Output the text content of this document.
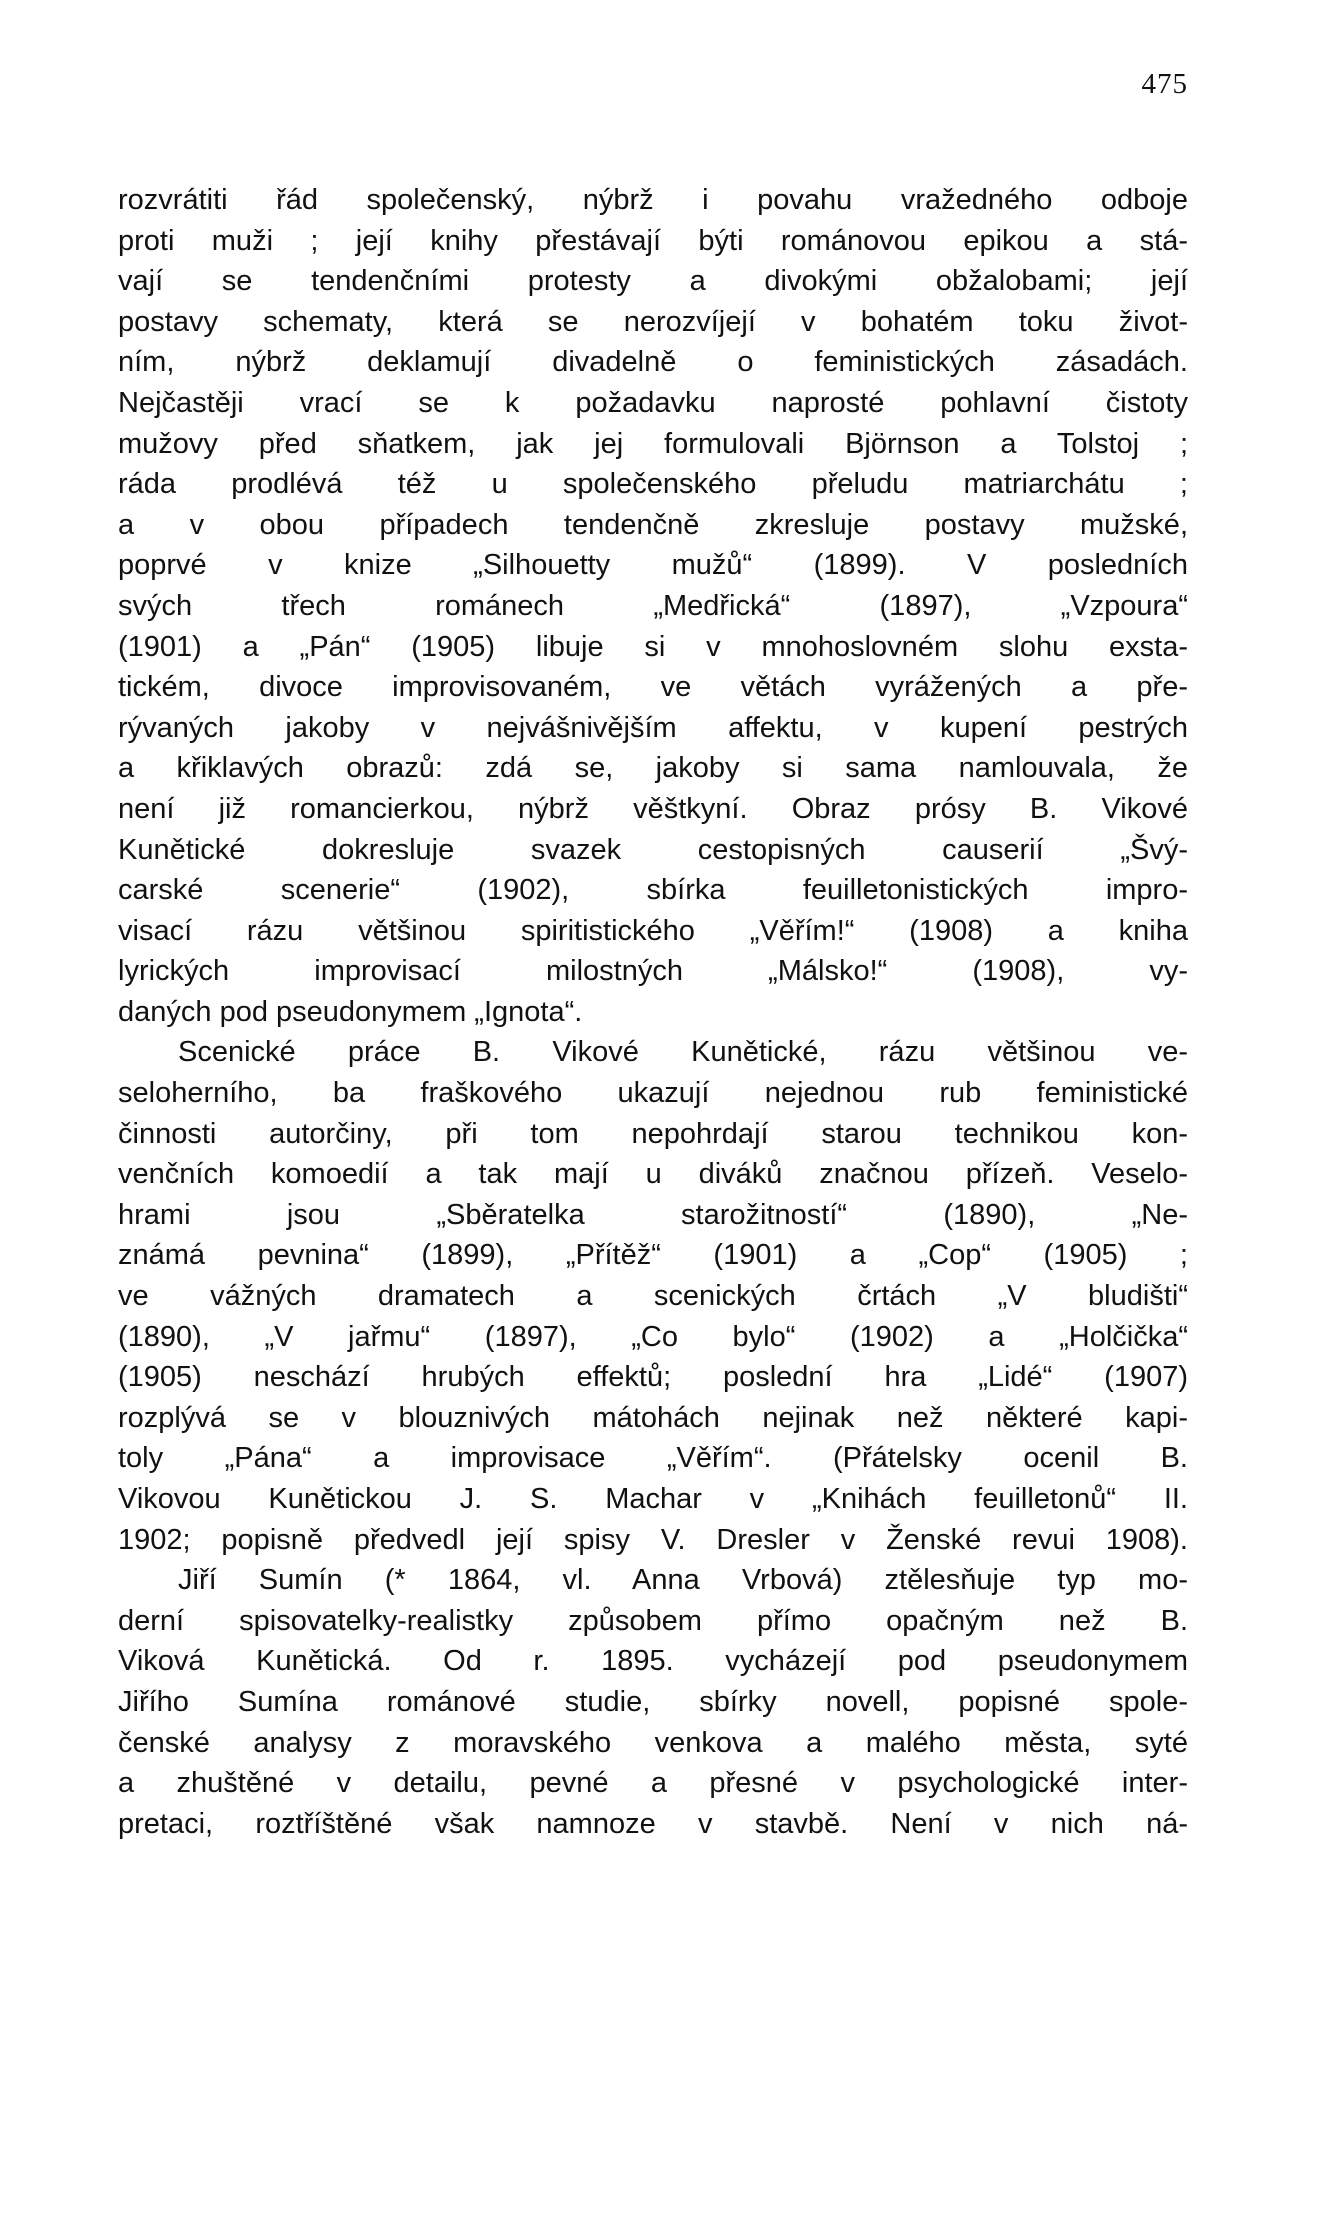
475
rozvrátiti řád společenský, nýbrž i povahu vražedného odboje
proti muži ; její knihy přestávají býti románovou epikou a stá-
vají se tendenčními protesty a divokými obžalobami; její
postavy schematy, která se nerozvíjejí v bohatém toku život-
ním, nýbrž deklamují divadelně o feministických zásadách.
Nejčastěji vrací se k požadavku naprosté pohlavní čistoty
mužovy před sňatkem, jak jej formulovali Björnson a Tolstoj ;
ráda prodlévá též u společenského přeludu matriarchátu ;
a v obou případech tendenčně zkresluje postavy mužské,
poprvé v knize „Silhouetty mužů“ (1899). V posledních
svých třech románech „Medřická“ (1897), „Vzpoura“
(1901) a „Pán“ (1905) libuje si v mnohoslovném slohu exsta-
tickém, divoce improvisovaném, ve větách vyrážených a pře-
rývaných jakoby v nejvášnivějším affektu, v kupení pestrých
a křiklavých obrazů: zdá se, jakoby si sama namlouvala, že
není již romancierkou, nýbrž věštkyní. Obraz prósy B. Vikové
Kunětické dokresluje svazek cestopisných causerií „Švý-
carské scenerie“ (1902), sbírka feuilletonistických impro-
visací rázu většinou spiritistického „Věřím!“ (1908) a kniha
lyrických improvisací milostných „Málsko!“ (1908), vy-
daných pod pseudonymem „Ignota“.
Scenické práce B. Vikové Kunětické, rázu většinou ve-
seloherního, ba fraškového ukazují nejednou rub feministické
činnosti autorčiny, při tom nepohrdají starou technikou kon-
venčních komoedií a tak mají u diváků značnou přízeň. Veselo-
hrami jsou „Sběratelka starožitností“ (1890), „Ne-
známá pevnina“ (1899), „Přítěž“ (1901) a „Cop“ (1905) ;
ve vážných dramatech a scenických črtách „V bludišti“
(1890), „V jařmu“ (1897), „Co bylo“ (1902) a „Holčička“
(1905) neschází hrubých effektů; poslední hra „Lidé“ (1907)
rozplývá se v blouznivých mátohách nejinak než některé kapi-
toly „Pána“ a improvisace „Věřím“. (Přátelsky ocenil B.
Vikovou Kunětickou J. S. Machar v „Knihách feuilletonů“ II.
1902; popisně předvedl její spisy V. Dresler v Ženské revui 1908).
Jiří Sumín (* 1864, vl. Anna Vrbová) ztělesňuje typ mo-
derní spisovatelky-realistky způsobem přímo opačným než B.
Viková Kunětická. Od r. 1895. vycházejí pod pseudonymem
Jiřího Sumína románové studie, sbírky novell, popisné spole-
čenské analysy z moravského venkova a malého města, syté
a zhuštěné v detailu, pevné a přesné v psychologické inter-
pretaci, roztříštěné však namnoze v stavbě. Není v nich ná-
